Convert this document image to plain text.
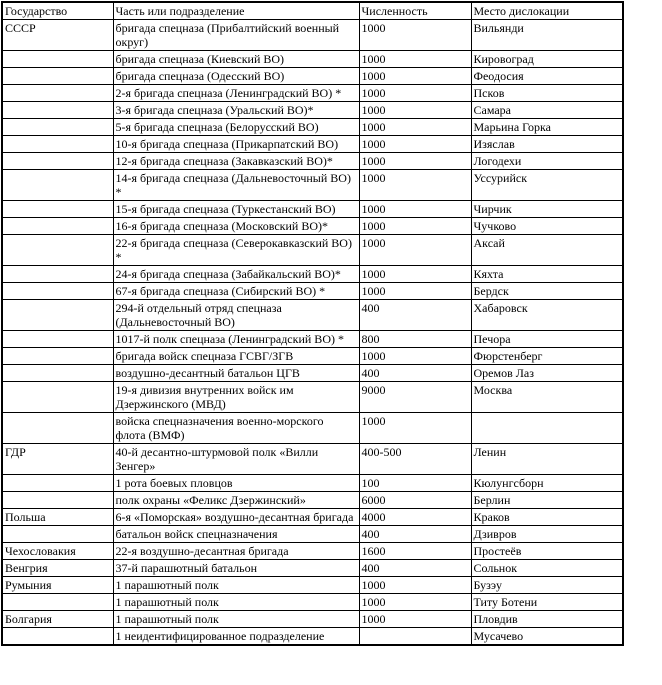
Государство	Часть или подразделение	Численность	Место дислокации
СССР	бригада спецназа (Прибалтийский военный округ)	1000	Вильянди
	бригада спецназа (Киевский ВО)	1000	Кировоград
	бригада спецназа (Одесский ВО)	1000	Феодосия
	2-я бригада спецназа (Ленинградский ВО) *	1000	Псков
	3-я бригада спецназа (Уральский ВО)*	1000	Самара
	5-я бригада спецназа (Белорусский ВО)	1000	Марьина Горка
	10-я бригада спецназа (Прикарпатский ВО)	1000	Изяслав
	12-я бригада спецназа (Закавказский ВО)*	1000	Логодехи
	14-я бригада спецназа (Дальневосточный ВО) *	1000	Уссурийск
	15-я бригада спецназа (Туркестанский ВО)	1000	Чирчик
	16-я бригада спецназа (Московский ВО)*	1000	Чучково
	22-я бригада спецназа (Северокавказский ВО) *	1000	Аксай
	24-я бригада спецназа (Забайкальский ВО)*	1000	Кяхта
	67-я бригада спецназа (Сибирский ВО) *	1000	Бердск
	294-й отдельный отряд спецназа (Дальневосточный ВО)	400	Хабаровск
	1017-й полк спецназа (Ленинградский ВО) *	800	Печора
	бригада войск спецназа ГСВГ/ЗГВ	1000	Фюрстенберг
	воздушно-десантный батальон ЦГВ	400	Оремов Лаз
	19-я дивизия внутренних войск им Дзержинского (МВД)	9000	Москва
	войска спецназначения военно-морского флота (ВМФ)	1000	
ГДР	40-й десантно-штурмовой полк «Вилли Зенгер»	400-500	Ленин
	1 рота боевых пловцов	100	Кюлунгсборн
	полк охраны «Феликс Дзержинский»	6000	Берлин
Польша	6-я «Поморская» воздушно-десантная бригада	4000	Краков
	батальон войск спецназначения	400	Дзивров
Чехословакия	22-я воздушно-десантная бригада	1600	Простеёв
Венгрия	37-й парашютный батальон	400	Сольнок
Румыния	1 парашютный полк	1000	Бузэу
	1 парашютный полк	1000	Титу Ботени
Болгария	1 парашютный полк	1000	Пловдив
	1 неидентифицированное подразделение		Мусачево
